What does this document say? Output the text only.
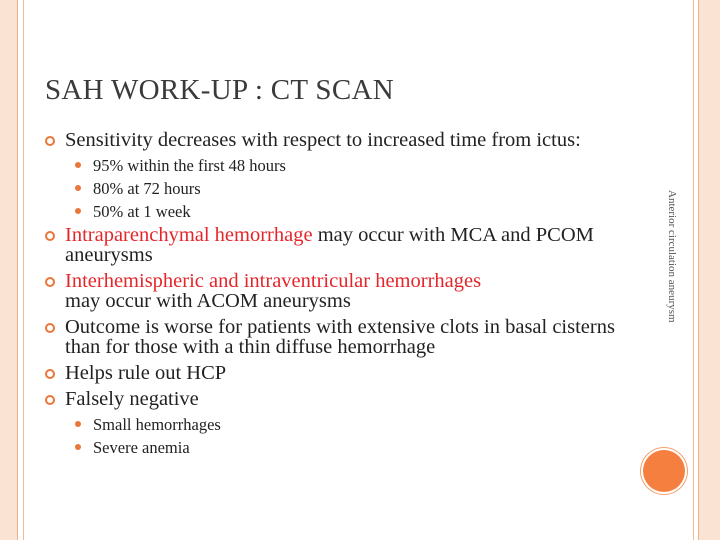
SAH WORK-UP : CT SCAN
Sensitivity decreases with respect to increased time from ictus:
95% within the first 48 hours
80% at 72 hours
50% at 1 week
Intraparenchymal hemorrhage may occur with MCA and PCOM aneurysms
Interhemispheric and intraventricular hemorrhages
may occur with ACOM aneurysms
Outcome is worse for patients with extensive clots in basal cisterns than for those with a thin diffuse hemorrhage
Helps rule out HCP
Falsely negative
Small hemorrhages
Severe anemia
Anterior circulation aneurysm
